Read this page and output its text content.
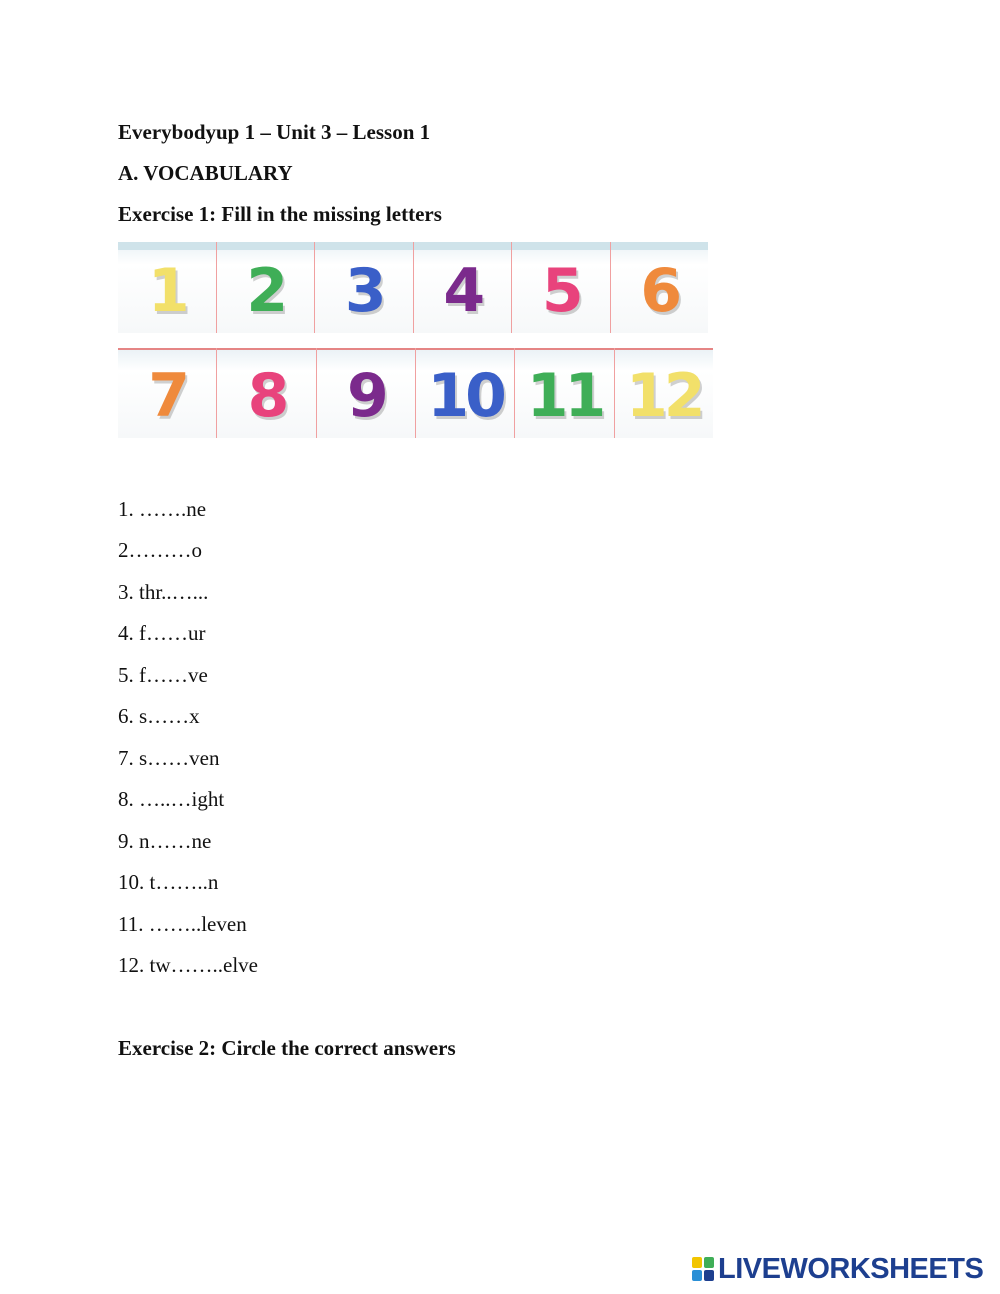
Everybodyup 1 – Unit 3 – Lesson 1
A. VOCABULARY
Exercise 1: Fill in the missing letters
1 2 3 4 5 6
7 8 9 10 11 12
1. …….ne
2………o
3. thr..…...
4. f……ur
5. f……ve
6. s……x
7. s……ven
8. …..…ight
9. n……ne
10. t……..n
11. ……..leven
12. tw……..elve
Exercise 2: Circle the correct answers
LIVEWORKSHEETS
